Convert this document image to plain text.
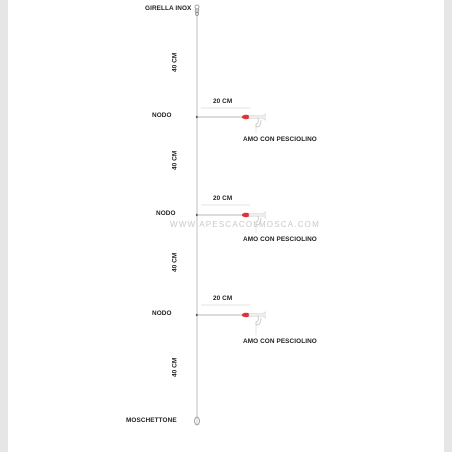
GIRELLA INOX
MOSCHETTONE
40 CM
40 CM
40 CM
40 CM
NODO
NODO
NODO
20 CM
20 CM
20 CM
AMO CON PESCIOLINO
AMO CON PESCIOLINO
AMO CON PESCIOLINO
WWW.APESCACOLMOSCA.COM
